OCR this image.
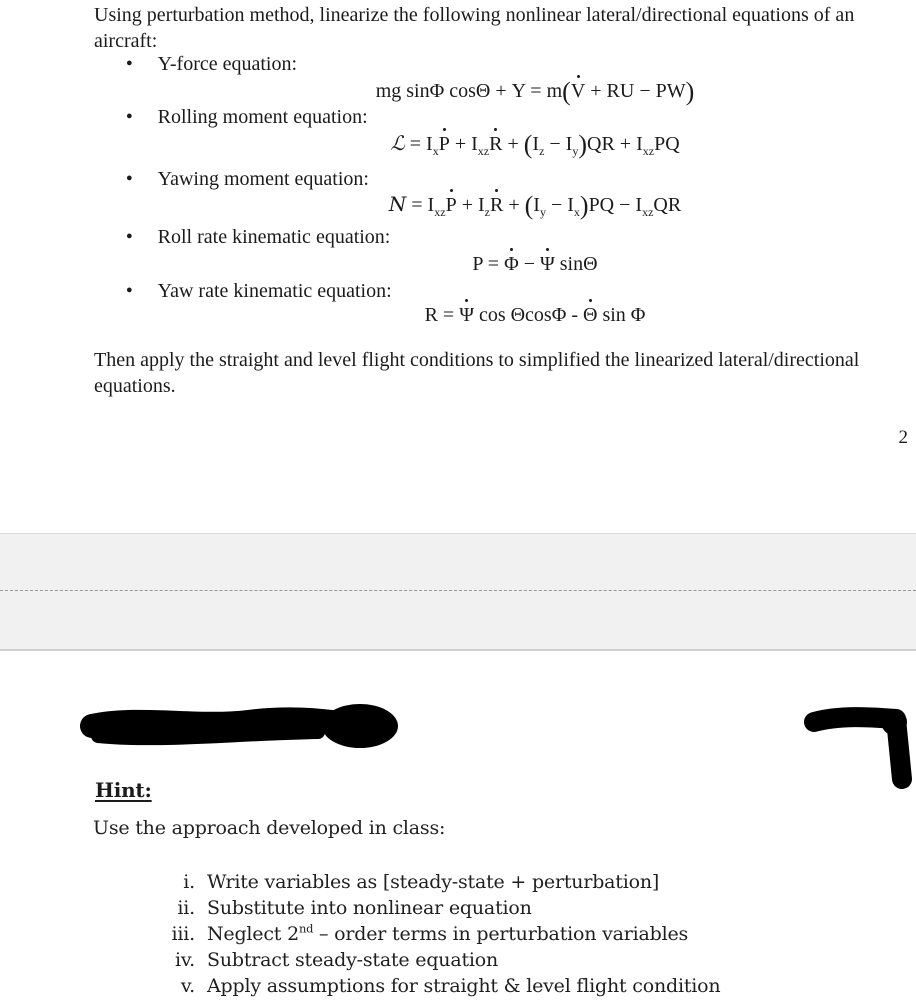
Using perturbation method, linearize the following nonlinear lateral/directional equations of an aircraft:
● Y-force equation:
mg sinΦ cosΘ + Y = m(V + RU − PW)
● Rolling moment equation:
ℒ = $I_xP + I_{xz}R + (I_z - I_y)QR + I_{xz}PQ$
● Yawing moment equation:
$N = I_{xz}P + I_zR + (I_y - I_x)PQ - I_{xz}QR$
● Roll rate kinematic equation:
P = Φ − Ψ sinΘ
● Yaw rate kinematic equation:
R = Ψ cos ΘcosΦ - Θ sin Φ
Then apply the straight and level flight conditions to simplified the linearized lateral/directional equations.
2
Hint:
Use the approach developed in class:
i. Write variables as [steady-state + perturbation]
ii. Substitute into nonlinear equation
iii. Neglect 2nd – order terms in perturbation variables
iv. Subtract steady-state equation
v. Apply assumptions for straight & level flight condition
